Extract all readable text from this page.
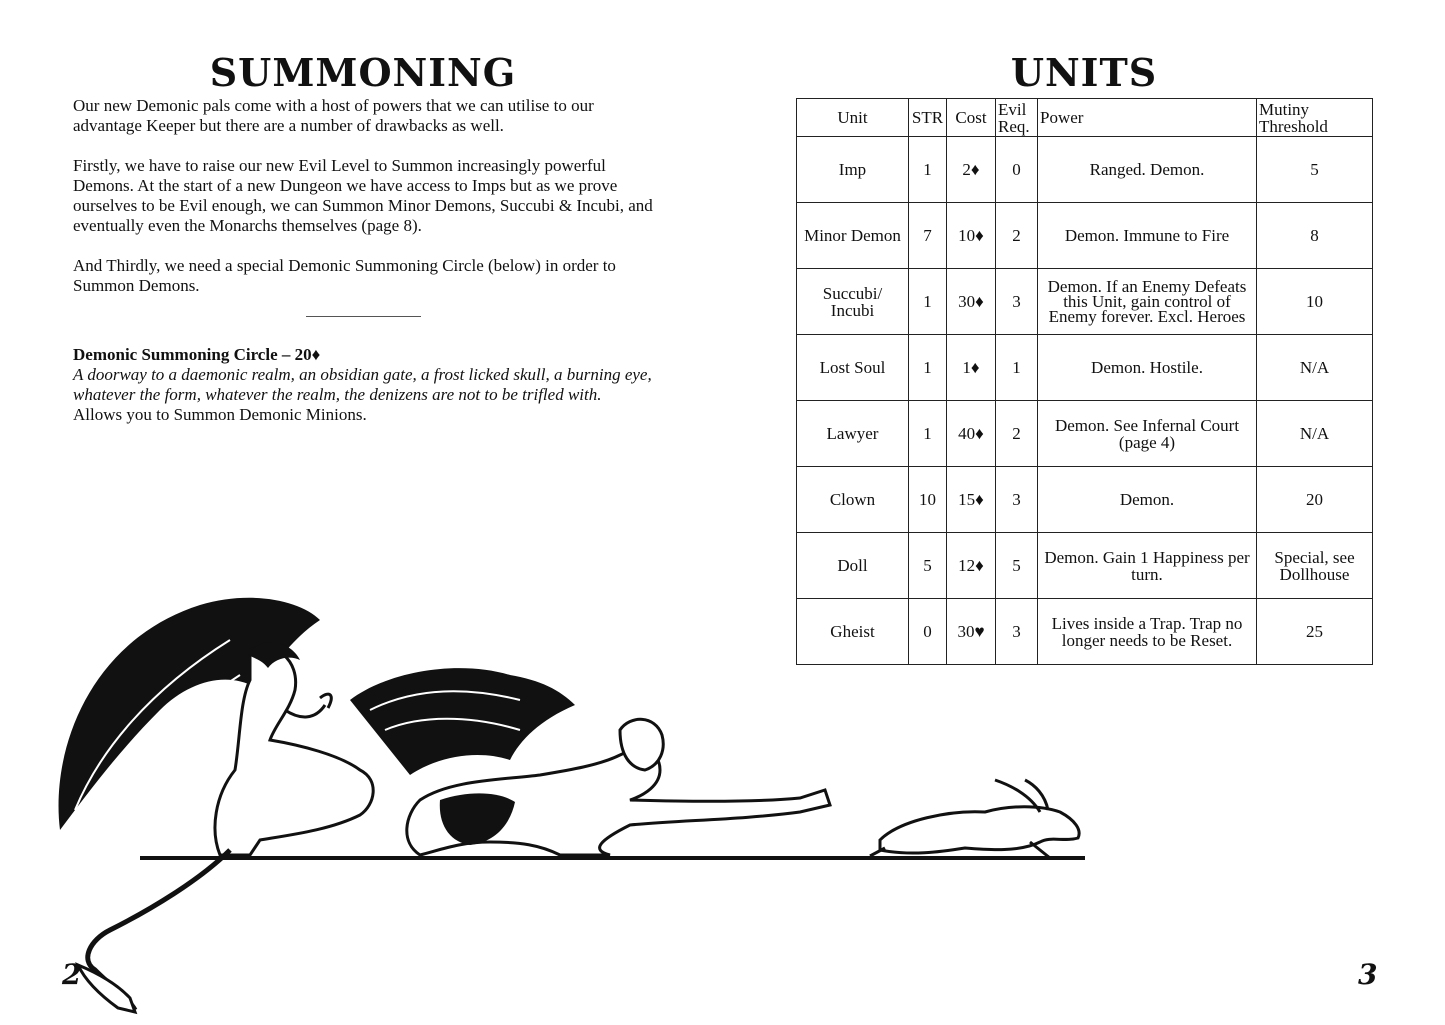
SUMMONING	UNITS

Our new Demonic pals come with a host of powers that we can utilise to our advantage Keeper but there are a number of drawbacks as well.

Firstly, we have to raise our new Evil Level to Summon increasingly powerful Demons. At the start of a new Dungeon we have access to Imps but as we prove ourselves to be Evil enough, we can Summon Minor Demons, Succubi & Incubi, and eventually even the Monarchs themselves (page 8).

And Thirdly, we need a special Demonic Summoning Circle (below) in order to Summon Demons.

Demonic Summoning Circle – 20♦
A doorway to a daemonic realm, an obsidian gate, a frost licked skull, a burning eye, whatever the form, whatever the realm, the denizens are not to be trifled with.
Allows you to Summon Demonic Minions.
Unit	STR	Cost	Evil Req.	Power	Mutiny Threshold
Imp	1	2♦	0	Ranged. Demon.	5
Minor Demon	7	10♦	2	Demon. Immune to Fire	8
Succubi/ Incubi	1	30♦	3	Demon. If an Enemy Defeats this Unit, gain control of Enemy forever. Excl. Heroes	10
Lost Soul	1	1♦	1	Demon. Hostile.	N/A
Lawyer	1	40♦	2	Demon. See Infernal Court (page 4)	N/A
Clown	10	15♦	3	Demon.	20
Doll	5	12♦	5	Demon. Gain 1 Happiness per turn.	Special, see Dollhouse
Gheist	0	30♥	3	Lives inside a Trap. Trap no longer needs to be Reset.	25
2	3
